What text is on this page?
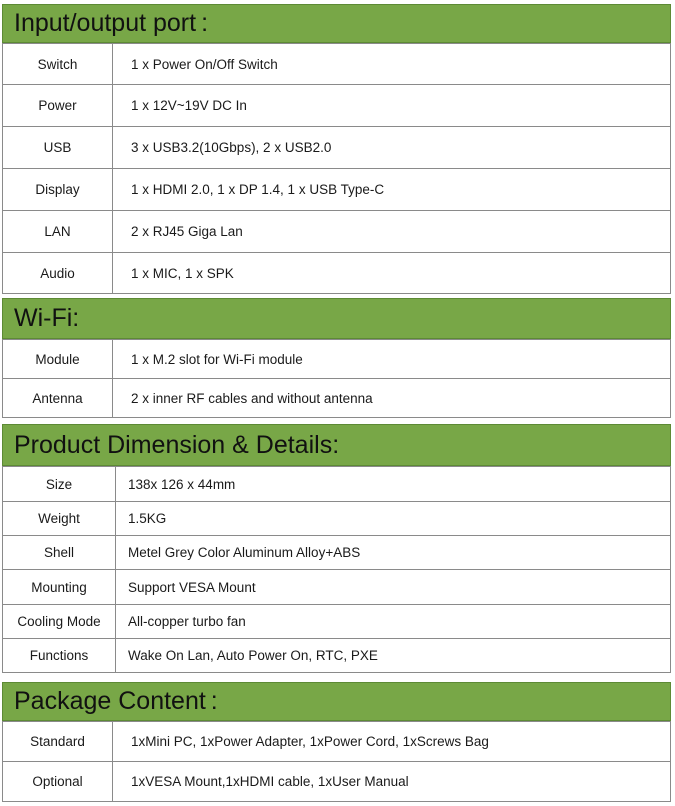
Input/output port :
Switch	1 x Power On/Off Switch
Power	1 x 12V~19V DC In
USB	3 x USB3.2(10Gbps), 2 x USB2.0
Display	1 x HDMI 2.0, 1 x DP 1.4, 1 x USB Type-C
LAN	2 x RJ45 Giga Lan
Audio	1 x MIC, 1 x SPK
Wi-Fi:
Module	1 x M.2 slot for Wi-Fi module
Antenna	2 x inner RF cables and without antenna
Product Dimension & Details:
Size	138x 126 x 44mm
Weight	1.5KG
Shell	Metel Grey Color Aluminum Alloy+ABS
Mounting	Support VESA Mount
Cooling Mode	All-copper turbo fan
Functions	Wake On Lan, Auto Power On, RTC, PXE
Package Content :
Standard	1xMini PC, 1xPower Adapter, 1xPower Cord, 1xScrews Bag
Optional	1xVESA Mount,1xHDMI cable, 1xUser Manual
